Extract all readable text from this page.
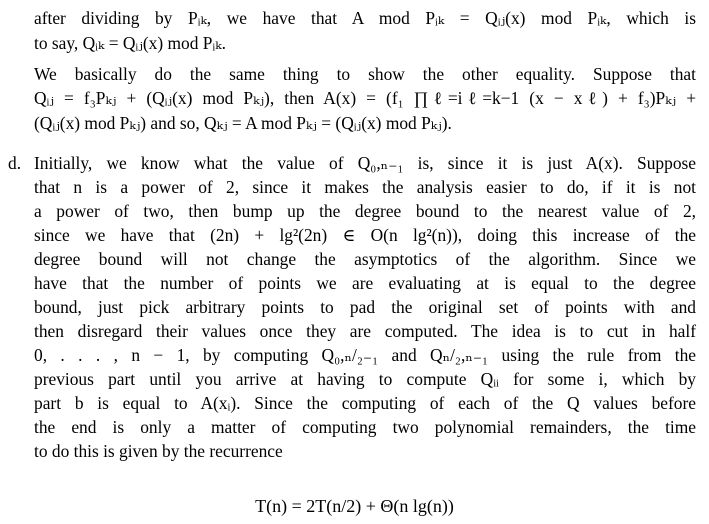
after dividing by Pᵢₖ, we have that A mod Pᵢₖ = Qᵢⱼ(x) mod Pᵢₖ, which is
to say, Qᵢₖ = Qᵢⱼ(x) mod Pᵢₖ.
We basically do the same thing to show the other equality. Suppose that
Qᵢⱼ = f₃Pₖⱼ + (Qᵢⱼ(x) mod Pₖⱼ), then A(x) = (f₁ ∏ℓ=iℓ=k−1 (x − xℓ) + f₃)Pₖⱼ +
(Qᵢⱼ(x) mod Pₖⱼ) and so, Qₖⱼ = A mod Pₖⱼ = (Qᵢⱼ(x) mod Pₖⱼ).
d. Initially, we know what the value of Q₀,ₙ₋₁ is, since it is just A(x). Suppose
that n is a power of 2, since it makes the analysis easier to do, if it is not
a power of two, then bump up the degree bound to the nearest value of 2,
since we have that (2n) + lg²(2n) ∈ O(n lg²(n)), doing this increase of the
degree bound will not change the asymptotics of the algorithm. Since we
have that the number of points we are evaluating at is equal to the degree
bound, just pick arbitrary points to pad the original set of points with and
then disregard their values once they are computed. The idea is to cut in half
0, . . . , n − 1, by computing Q₀,ₙ/₂₋₁ and Qₙ/₂,ₙ₋₁ using the rule from the
previous part until you arrive at having to compute Qᵢᵢ for some i, which by
part b is equal to A(xᵢ). Since the computing of each of the Q values before
the end is only a matter of computing two polynomial remainders, the time
to do this is given by the recurrence
T(n) = 2T(n/2) + Θ(n lg(n))
